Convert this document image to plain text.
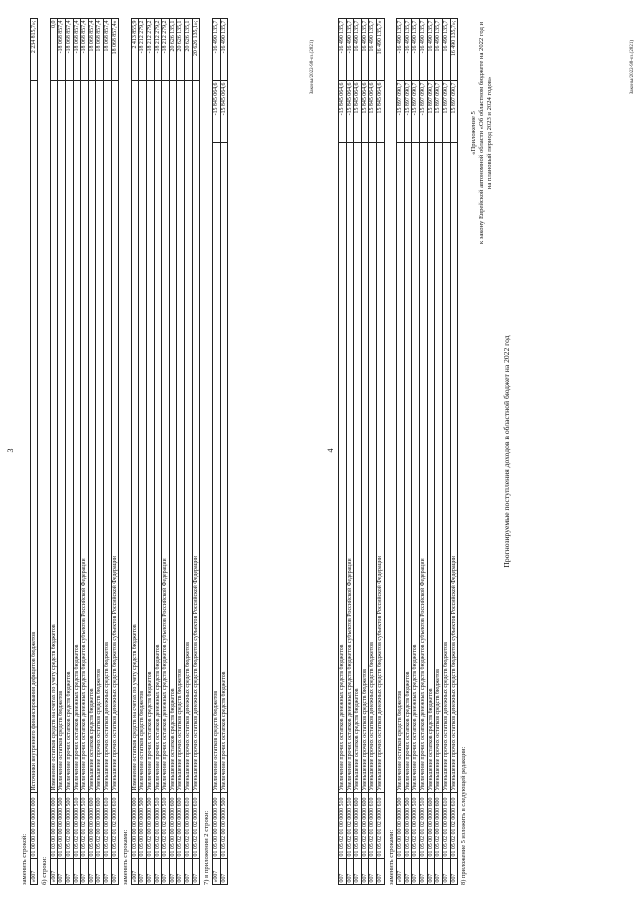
3
заменить строкой: «007	01 00 00 00 00 0000 000	Источники внутреннего финансирования дефицитов бюджетов	2 234 815,7»;
б) строки: «007	01 03 00 00 00 0000 000	Изменение остатков средств на счетах по учету средств бюджетов	0,0
007	01 05 00 00 00 0000 500	Увеличение остатков средств бюджетов	-18 068 857,4
007	01 05 02 00 00 0000 500	Увеличение прочих остатков средств бюджетов	-18 068 857,4
007	01 05 02 01 00 0000 510	Увеличение прочих остатков денежных средств бюджетов	-18 068 857,4
007	01 05 02 01 02 0000 510	Увеличение прочих остатков денежных средств бюджетов субъектов Российской Федерации	-18 068 857,4
007	01 05 00 00 00 0000 600	Уменьшение остатков средств бюджетов	18 068 857,4
007	01 05 02 00 00 0000 600	Уменьшение прочих остатков средств бюджетов	18 068 857,4
007	01 05 02 01 00 0000 610	Уменьшение прочих остатков денежных средств бюджетов	18 068 857,4
007	01 05 02 01 02 0000 610	Уменьшение прочих остатков денежных средств бюджетов субъектов Российской Федерации	18 068 857,4»
заменить строками: «007	01 03 00 00 00 0000 000	Изменение остатков средств на счетах по учету средств бюджетов	2 413 855,9
007	01 05 00 00 00 0000 500	Увеличение остатков средств бюджетов	-18 212 279,2
007	01 05 02 00 00 0000 500	Увеличение прочих остатков средств бюджетов	-18 212 279,2
007	01 05 02 01 00 0000 510	Увеличение прочих остатков денежных средств бюджетов	-18 212 279,2
007	01 05 02 01 02 0000 510	Увеличение прочих остатков денежных средств бюджетов субъектов Российской Федерации	-18 212 279,2
007	01 05 00 00 00 0000 600	Уменьшение остатков средств бюджетов	20 626 135,1
007	01 05 02 00 00 0000 600	Уменьшение прочих остатков средств бюджетов	20 626 135,1
007	01 05 02 01 00 0000 610	Уменьшение прочих остатков денежных средств бюджетов	20 626 135,1
007	01 05 02 01 02 0000 610	Уменьшение прочих остатков денежных средств бюджетов субъектов Российской Федерации	20 626 135,1»;
7) в приложении 2 строки: «007	01 05 00 00 00 0000 500	Увеличение остатков средств бюджетов	-15 845 064,6	-16 490 135,7
007	01 05 02 00 00 0000 500	Увеличение прочих остатков средств бюджетов	-15 845 064,6	-16 490 135,7
Законы/2022-98-оз.(2821)
4
007	01 05 02 01 00 0000 510	Увеличение прочих остатков денежных средств бюджетов	-15 845 064,6	-16 490 135,7
007	01 05 02 01 02 0000 510	Увеличение прочих остатков денежных средств бюджетов субъектов Российской Федерации	-15 845 064,6	-16 490 135,7
007	01 05 00 00 00 0000 600	Уменьшение остатков средств бюджетов	15 845 064,6	16 490 135,7
007	01 05 02 00 00 0000 600	Уменьшение прочих остатков средств бюджетов	15 845 064,6	16 490 135,7
007	01 05 02 01 00 0000 610	Уменьшение прочих остатков денежных средств бюджетов	15 845 064,6	16 490 135,7
007	01 05 02 01 02 0000 610	Уменьшение прочих остатков денежных средств бюджетов субъектов Российской Федерации	15 845 064,6	16 490 135,7»
заменить строками: «007	01 05 00 00 00 0000 500	Увеличение остатков средств бюджетов	-15 897 090,7	-16 490 135,7
007	01 05 02 00 00 0000 500	Увеличение прочих остатков средств бюджетов	-15 897 090,7	-16 490 135,7
007	01 05 02 01 00 0000 510	Увеличение прочих остатков денежных средств бюджетов	-15 897 090,7	-16 490 135,7
007	01 05 02 01 02 0000 510	Увеличение прочих остатков денежных средств бюджетов субъектов Российской Федерации	-15 897 090,7	-16 490 135,7
007	01 05 00 00 00 0000 600	Уменьшение остатков средств бюджетов	15 897 090,7	16 490 135,7
007	01 05 02 00 00 0000 600	Уменьшение прочих остатков средств бюджетов	15 897 090,7	16 490 135,7
007	01 05 02 01 00 0000 610	Уменьшение прочих остатков денежных средств бюджетов	15 897 090,7	16 490 135,7
007	01 05 02 01 02 0000 610	Уменьшение прочих остатков денежных средств бюджетов субъектов Российской Федерации	15 897 090,7	16 490 135,7»;
8) приложение 5 изложить в следующей редакции:
«Приложение 5
к закону Еврейской автономной области «Об областном бюджете на 2022 год и на плановый период 2023 и 2024 годов»
Прогнозируемые поступления доходов в областной бюджет на 2022 год
Законы/2022-98-оз.(2821)
